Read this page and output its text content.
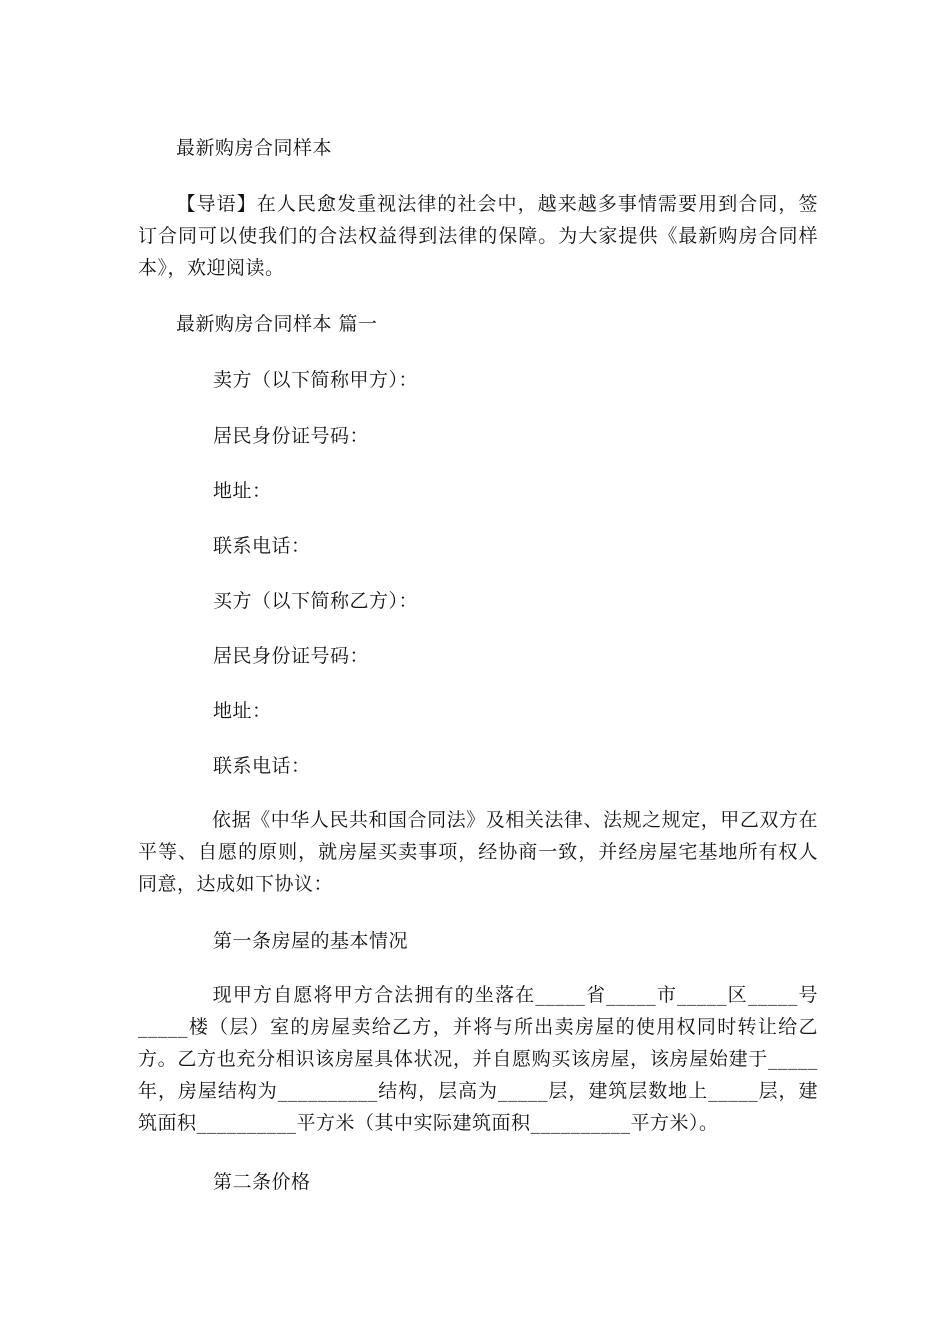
最新购房合同样本
【导语】在人民愈发重视法律的社会中，越来越多事情需要用到合同，签订合同可以使我们的合法权益得到法律的保障。为大家提供《最新购房合同样本》，欢迎阅读。
最新购房合同样本 篇一
卖方（以下简称甲方）：
居民身份证号码：
地址：
联系电话：
买方（以下简称乙方）：
居民身份证号码：
地址：
联系电话：
依据《中华人民共和国合同法》及相关法律、法规之规定，甲乙双方在平等、自愿的原则，就房屋买卖事项，经协商一致，并经房屋宅基地所有权人同意，达成如下协议：
第一条房屋的基本情况
现甲方自愿将甲方合法拥有的坐落在_____省_____市_____区_____号_____楼（层）室的房屋卖给乙方，并将与所出卖房屋的使用权同时转让给乙方。乙方也充分相识该房屋具体状况，并自愿购买该房屋，该房屋始建于_____年，房屋结构为__________结构，层高为_____层，建筑层数地上_____层，建筑面积__________平方米（其中实际建筑面积__________平方米）。
第二条价格
